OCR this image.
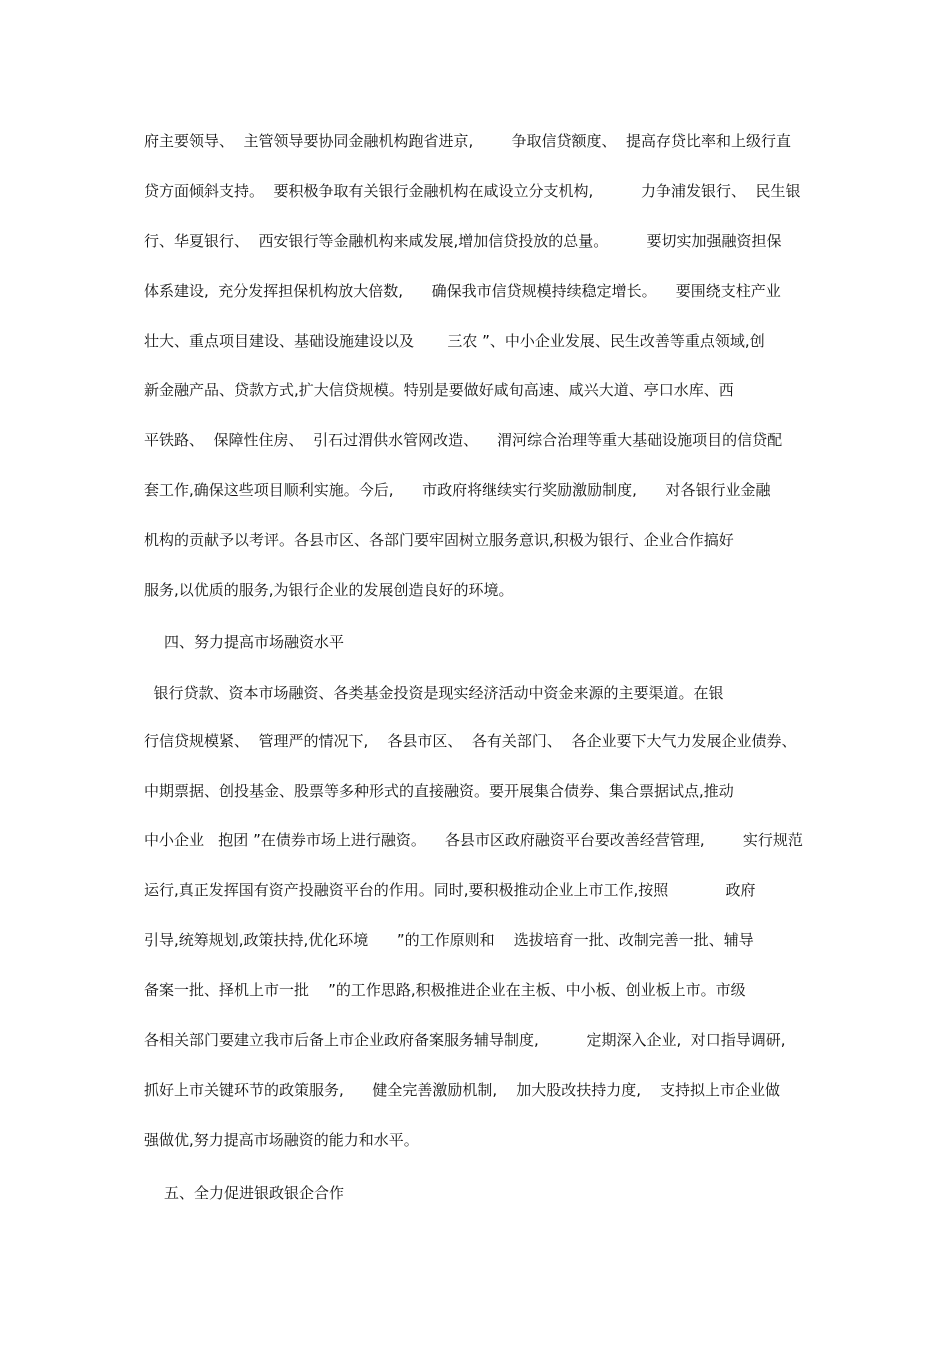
府主要领导、  主管领导要协同金融机构跑省进京,        争取信贷额度、  提高存贷比率和上级行直
贷方面倾斜支持。  要积极争取有关银行金融机构在咸设立分支机构,          力争浦发银行、  民生银
行、华夏银行、  西安银行等金融机构来咸发展,增加信贷投放的总量。        要切实加强融资担保
体系建设,  充分发挥担保机构放大倍数,      确保我市信贷规模持续稳定增长。    要围绕支柱产业
壮大、重点项目建设、基础设施建设以及       三农 ”、中小企业发展、民生改善等重点领域,创
新金融产品、贷款方式,扩大信贷规模。特别是要做好咸旬高速、咸兴大道、亭口水库、西
平铁路、  保障性住房、  引石过渭供水管网改造、    渭河综合治理等重大基础设施项目的信贷配
套工作,确保这些项目顺利实施。今后,      市政府将继续实行奖励激励制度,      对各银行业金融
机构的贡献予以考评。各县市区、各部门要牢固树立服务意识,积极为银行、企业合作搞好
服务,以优质的服务,为银行企业的发展创造良好的环境。
四、努力提高市场融资水平
银行贷款、资本市场融资、各类基金投资是现实经济活动中资金来源的主要渠道。在银
行信贷规模紧、  管理严的情况下,    各县市区、  各有关部门、  各企业要下大气力发展企业债券、
中期票据、创投基金、股票等多种形式的直接融资。要开展集合债券、集合票据试点,推动
中小企业   抱团 ”在债券市场上进行融资。    各县市区政府融资平台要改善经营管理,        实行规范
运行,真正发挥国有资产投融资平台的作用。同时,要积极推动企业上市工作,按照            政府
引导,统筹规划,政策扶持,优化环境      ”的工作原则和    选拔培育一批、改制完善一批、辅导
备案一批、择机上市一批    ”的工作思路,积极推进企业在主板、中小板、创业板上市。市级
各相关部门要建立我市后备上市企业政府备案服务辅导制度,          定期深入企业,  对口指导调研,
抓好上市关键环节的政策服务,      健全完善激励机制,    加大股改扶持力度,    支持拟上市企业做
强做优,努力提高市场融资的能力和水平。
五、全力促进银政银企合作
